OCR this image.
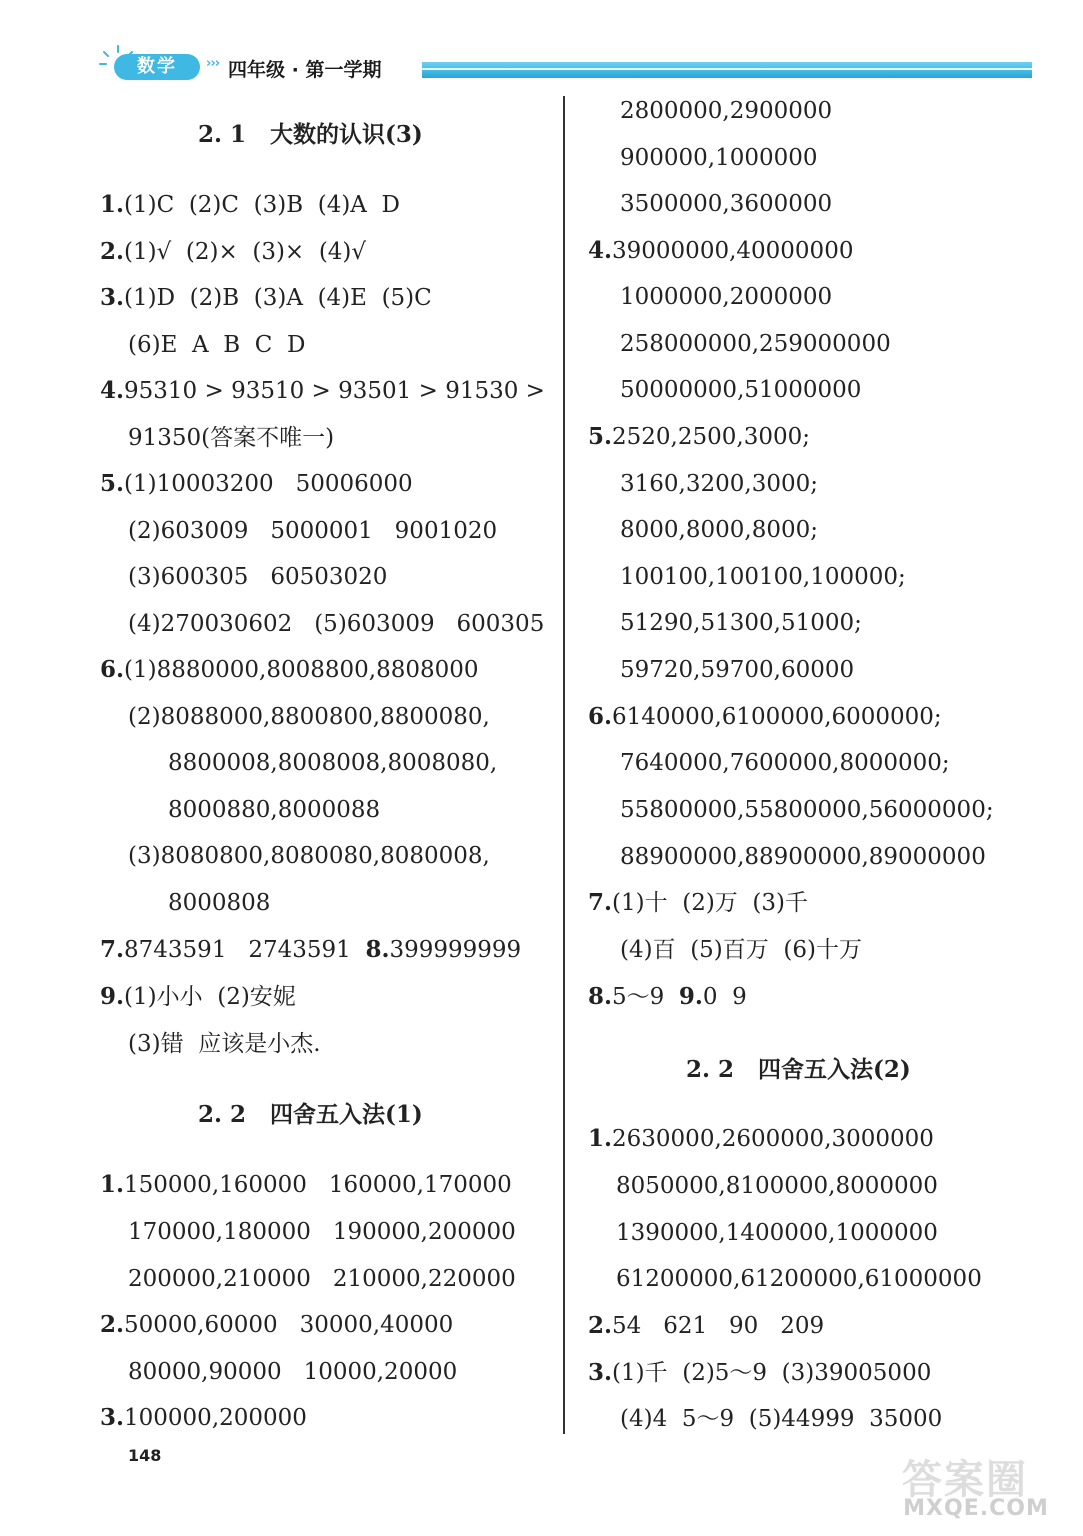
数学	››› 四年级 · 第一学期
2. 1   大数的认识(3)
1.(1)C  (2)C  (3)B  (4)A  D
2.(1)√  (2)×  (3)×  (4)√
3.(1)D  (2)B  (3)A  (4)E  (5)C
(6)E  A  B  C  D
4.95310 > 93510 > 93501 > 91530 >
91350(答案不唯一)
5.(1)10003200   50006000
(2)603009   5000001   9001020
(3)600305   60503020
(4)270030602   (5)603009   600305
6.(1)8880000,8008800,8808000
(2)8088000,8800800,8800080,
8800008,8008008,8008080,
8000880,8000088
(3)8080800,8080080,8080008,
8000808
7.8743591   2743591  8.399999999
9.(1)小小  (2)安妮
(3)错  应该是小杰.
2. 2   四舍五入法(1)
1.150000,160000   160000,170000
170000,180000   190000,200000
200000,210000   210000,220000
2.50000,60000   30000,40000
80000,90000   10000,20000
3.100000,200000
2800000,2900000
900000,1000000
3500000,3600000
4.39000000,40000000
1000000,2000000
258000000,259000000
50000000,51000000
5.2520,2500,3000;
3160,3200,3000;
8000,8000,8000;
100100,100100,100000;
51290,51300,51000;
59720,59700,60000
6.6140000,6100000,6000000;
7640000,7600000,8000000;
55800000,55800000,56000000;
88900000,88900000,89000000
7.(1)十  (2)万  (3)千
(4)百  (5)百万  (6)十万
8.5～9  9.0  9
2. 2   四舍五入法(2)
1.2630000,2600000,3000000
8050000,8100000,8000000
1390000,1400000,1000000
61200000,61200000,61000000
2.54   621   90   209
3.(1)千  (2)5～9  (3)39005000
(4)4  5～9  (5)44999  35000
148
答案圈
MXQE.COM
